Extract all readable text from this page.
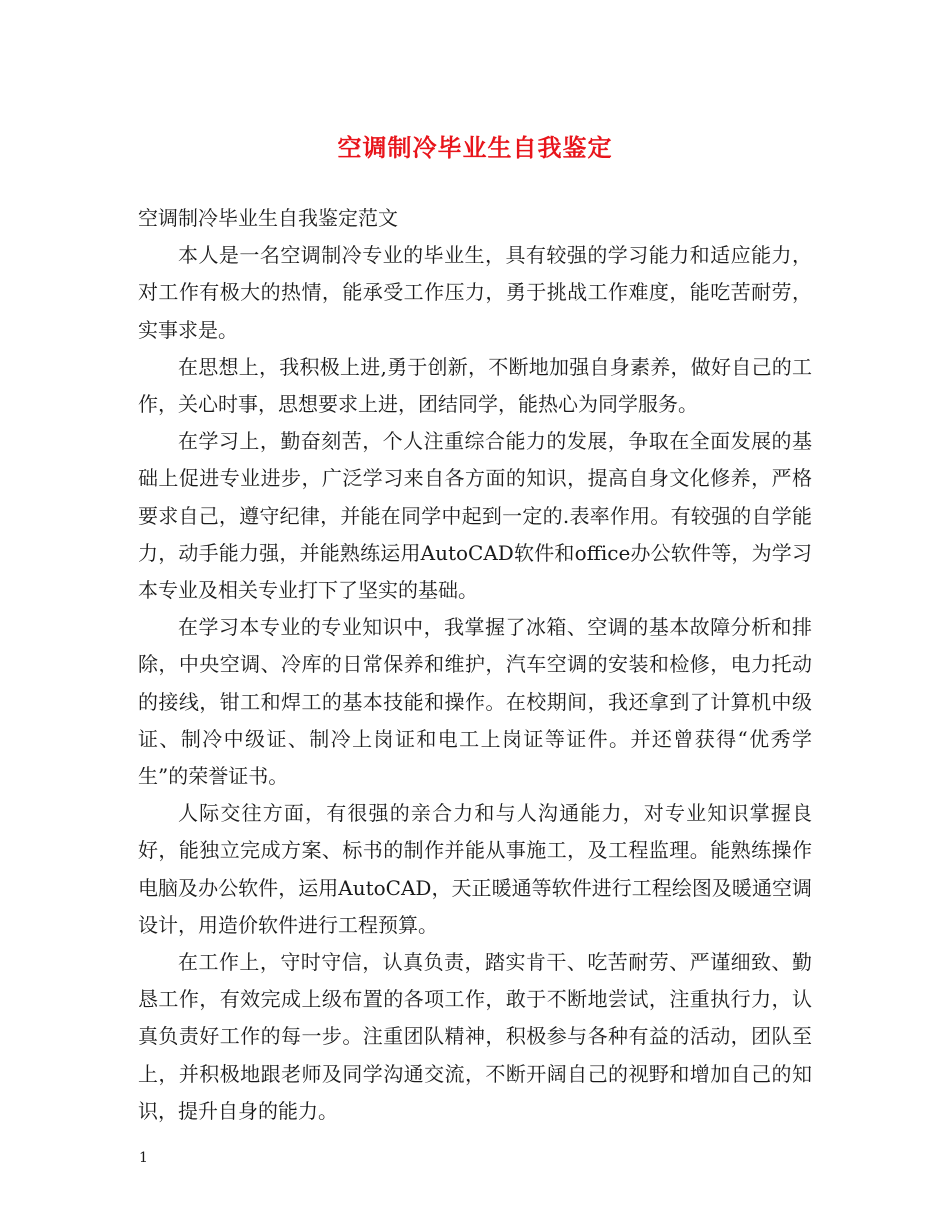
空调制冷毕业生自我鉴定

空调制冷毕业生自我鉴定范文

本人是一名空调制冷专业的毕业生，具有较强的学习能力和适应能力，对工作有极大的热情，能承受工作压力，勇于挑战工作难度，能吃苦耐劳，实事求是。

在思想上，我积极上进,勇于创新，不断地加强自身素养，做好自己的工作，关心时事，思想要求上进，团结同学，能热心为同学服务。

在学习上，勤奋刻苦，个人注重综合能力的发展，争取在全面发展的基础上促进专业进步，广泛学习来自各方面的知识，提高自身文化修养，严格要求自己，遵守纪律，并能在同学中起到一定的.表率作用。有较强的自学能力，动手能力强，并能熟练运用AutoCAD软件和office办公软件等，为学习本专业及相关专业打下了坚实的基础。

在学习本专业的专业知识中，我掌握了冰箱、空调的基本故障分析和排除，中央空调、冷库的日常保养和维护，汽车空调的安装和检修，电力托动的接线，钳工和焊工的基本技能和操作。在校期间，我还拿到了计算机中级证、制冷中级证、制冷上岗证和电工上岗证等证件。并还曾获得“优秀学生”的荣誉证书。

人际交往方面，有很强的亲合力和与人沟通能力，对专业知识掌握良好，能独立完成方案、标书的制作并能从事施工，及工程监理。能熟练操作电脑及办公软件，运用AutoCAD，天正暖通等软件进行工程绘图及暖通空调设计，用造价软件进行工程预算。

在工作上，守时守信，认真负责，踏实肯干、吃苦耐劳、严谨细致、勤恳工作，有效完成上级布置的各项工作，敢于不断地尝试，注重执行力，认真负责好工作的每一步。注重团队精神，积极参与各种有益的活动，团队至上，并积极地跟老师及同学沟通交流，不断开阔自己的视野和增加自己的知识，提升自身的能力。

1
